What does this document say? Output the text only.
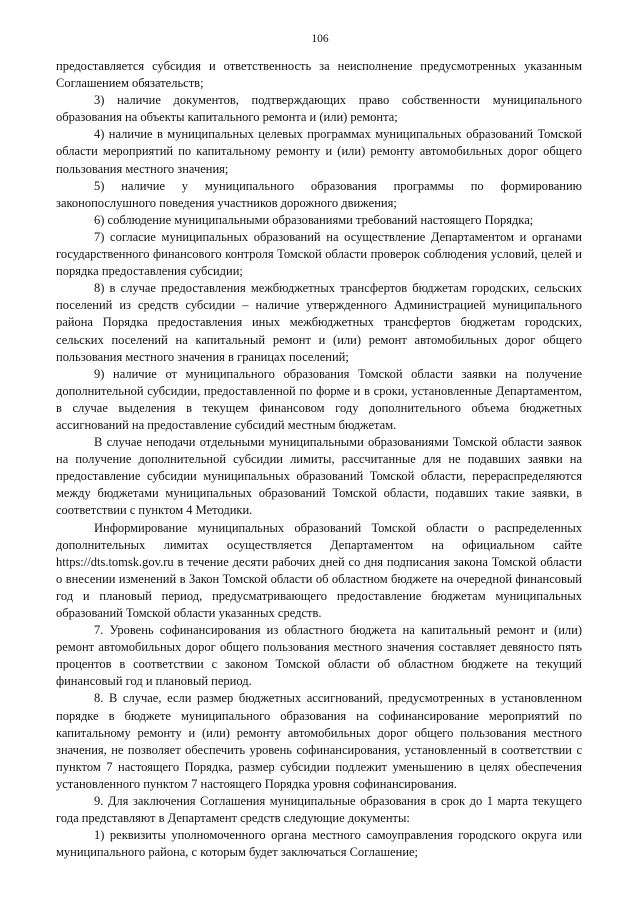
106

предоставляется субсидия и ответственность за неисполнение предусмотренных указанным Соглашением обязательств;

3) наличие документов, подтверждающих право собственности муниципального образования на объекты капитального ремонта и (или) ремонта;

4) наличие в муниципальных целевых программах муниципальных образований Томской области мероприятий по капитальному ремонту и (или) ремонту автомобильных дорог общего пользования местного значения;

5) наличие у муниципального образования программы по формированию законопослушного поведения участников дорожного движения;

6) соблюдение муниципальными образованиями требований настоящего Порядка;

7) согласие муниципальных образований на осуществление Департаментом и органами государственного финансового контроля Томской области проверок соблюдения условий, целей и порядка предоставления субсидии;

8) в случае предоставления межбюджетных трансфертов бюджетам городских, сельских поселений из средств субсидии – наличие утвержденного Администрацией муниципального района Порядка предоставления иных межбюджетных трансфертов бюджетам городских, сельских поселений на капитальный ремонт и (или) ремонт автомобильных дорог общего пользования местного значения в границах поселений;

9) наличие от муниципального образования Томской области заявки на получение дополнительной субсидии, предоставленной по форме и в сроки, установленные Департаментом, в случае выделения в текущем финансовом году дополнительного объема бюджетных ассигнований на предоставление субсидий местным бюджетам.

В случае неподачи отдельными муниципальными образованиями Томской области заявок на получение дополнительной субсидии лимиты, рассчитанные для не подавших заявки на предоставление субсидии муниципальных образований Томской области, перераспределяются между бюджетами муниципальных образований Томской области, подавших такие заявки, в соответствии с пунктом 4 Методики.

Информирование муниципальных образований Томской области о распределенных дополнительных лимитах осуществляется Департаментом на официальном сайте https://dts.tomsk.gov.ru в течение десяти рабочих дней со дня подписания закона Томской области о внесении изменений в Закон Томской области об областном бюджете на очередной финансовый год и плановый период, предусматривающего предоставление бюджетам муниципальных образований Томской области указанных средств.

7. Уровень софинансирования из областного бюджета на капитальный ремонт и (или) ремонт автомобильных дорог общего пользования местного значения составляет девяносто пять процентов в соответствии с законом Томской области об областном бюджете на текущий финансовый год и плановый период.

8. В случае, если размер бюджетных ассигнований, предусмотренных в установленном порядке в бюджете муниципального образования на софинансирование мероприятий по капитальному ремонту и (или) ремонту автомобильных дорог общего пользования местного значения, не позволяет обеспечить уровень софинансирования, установленный в соответствии с пунктом 7 настоящего Порядка, размер субсидии подлежит уменьшению в целях обеспечения установленного пунктом 7 настоящего Порядка уровня софинансирования.

9. Для заключения Соглашения муниципальные образования в срок до 1 марта текущего года представляют в Департамент средств следующие документы:

1) реквизиты уполномоченного органа местного самоуправления городского округа или муниципального района, с которым будет заключаться Соглашение;
